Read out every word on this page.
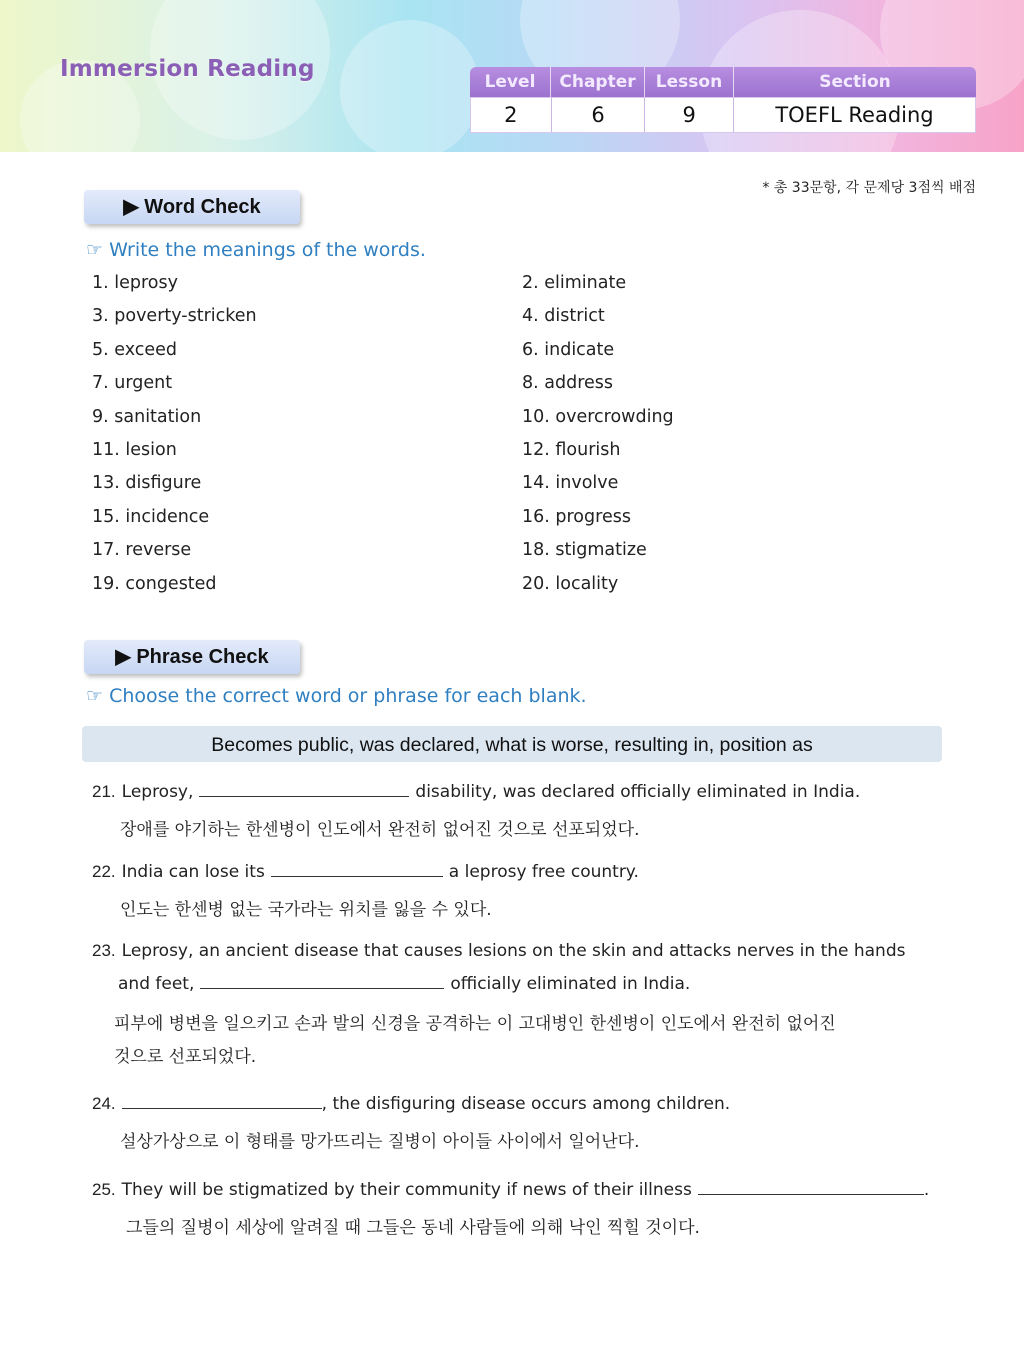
Immersion Reading	Level	Chapter	Lesson	Section
2	6	9	TOEFL Reading
* 총 33문항, 각 문제당 3점씩 배점
▶ Word Check
☞ Write the meanings of the words.
1. leprosy	2. eliminate
3. poverty-stricken	4. district
5. exceed	6. indicate
7. urgent	8. address
9. sanitation	10. overcrowding
11. lesion	12. flourish
13. disfigure	14. involve
15. incidence	16. progress
17. reverse	18. stigmatize
19. congested	20. locality
▶ Phrase Check
☞ Choose the correct word or phrase for each blank.
Becomes public, was declared, what is worse, resulting in, position as
21. Leprosy,	disability, was declared officially eliminated in India.
장애를 야기하는 한센병이 인도에서 완전히 없어진 것으로 선포되었다.
22. India can lose its	a leprosy free country.
인도는 한센병 없는 국가라는 위치를 잃을 수 있다.
23. Leprosy, an ancient disease that causes lesions on the skin and attacks nerves in the hands
and feet,	officially eliminated in India.
피부에 병변을 일으키고 손과 발의 신경을 공격하는 이 고대병인 한센병이 인도에서 완전히 없어진
것으로 선포되었다.
24.	, the disfiguring disease occurs among children.
설상가상으로 이 형태를 망가뜨리는 질병이 아이들 사이에서 일어난다.
25. They will be stigmatized by their community if news of their illness	.
그들의 질병이 세상에 알려질 때 그들은 동네 사람들에 의해 낙인 찍힐 것이다.
